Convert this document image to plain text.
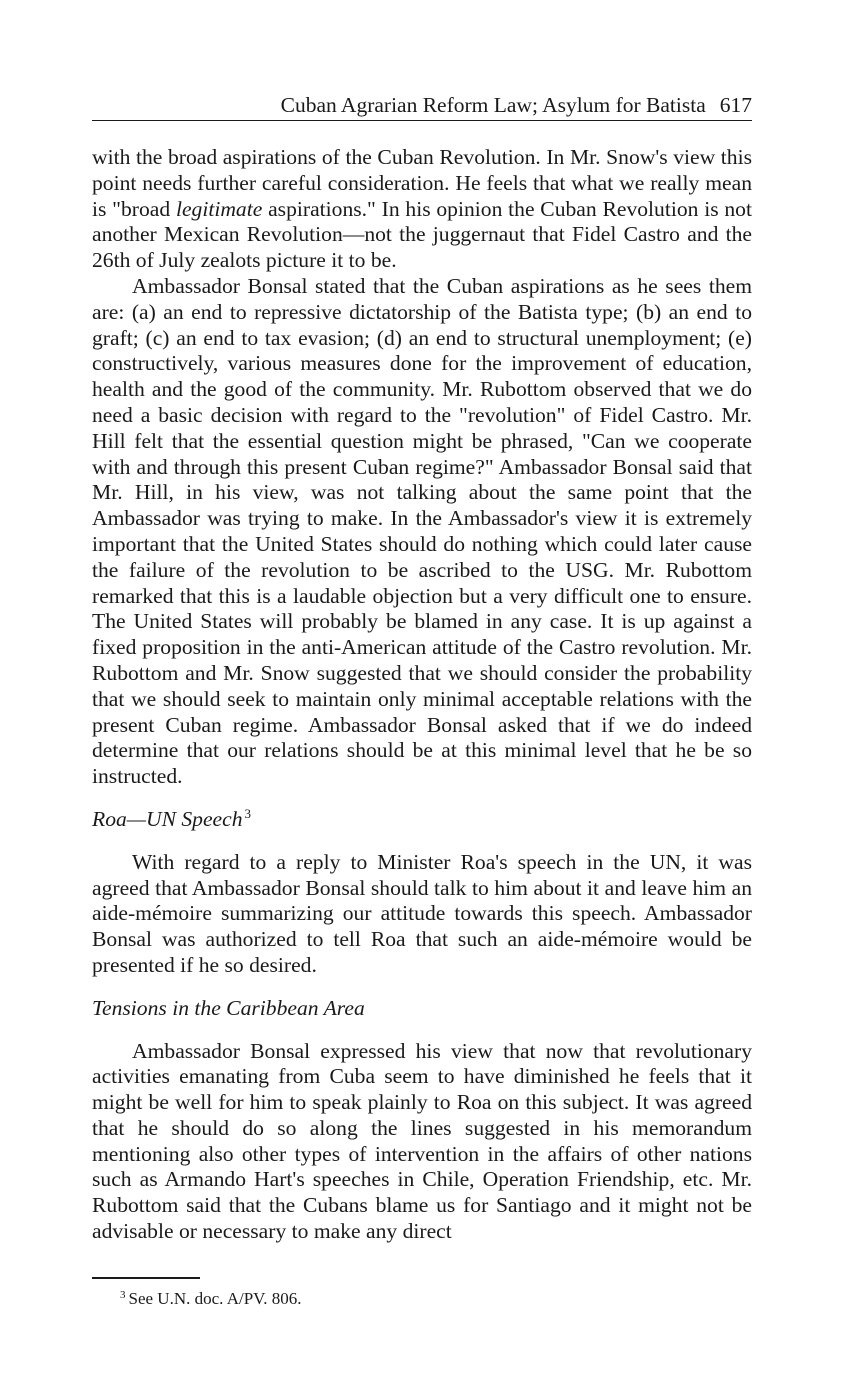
Cuban Agrarian Reform Law; Asylum for Batista 617

with the broad aspirations of the Cuban Revolution. In Mr. Snow's view this point needs further careful consideration. He feels that what we really mean is "broad legitimate aspirations." In his opinion the Cuban Revolution is not another Mexican Revolution—not the juggernaut that Fidel Castro and the 26th of July zealots picture it to be.

Ambassador Bonsal stated that the Cuban aspirations as he sees them are: (a) an end to repressive dictatorship of the Batista type; (b) an end to graft; (c) an end to tax evasion; (d) an end to structural unemployment; (e) constructively, various measures done for the improvement of education, health and the good of the community. Mr. Rubottom observed that we do need a basic decision with regard to the "revolution" of Fidel Castro. Mr. Hill felt that the essential question might be phrased, "Can we cooperate with and through this present Cuban regime?" Ambassador Bonsal said that Mr. Hill, in his view, was not talking about the same point that the Ambassador was trying to make. In the Ambassador's view it is extremely important that the United States should do nothing which could later cause the failure of the revolution to be ascribed to the USG. Mr. Rubottom remarked that this is a laudable objection but a very difficult one to ensure. The United States will probably be blamed in any case. It is up against a fixed proposition in the anti-American attitude of the Castro revolution. Mr. Rubottom and Mr. Snow suggested that we should consider the probability that we should seek to maintain only minimal acceptable relations with the present Cuban regime. Ambassador Bonsal asked that if we do indeed determine that our relations should be at this minimal level that he be so instructed.

Roa—UN Speech $^3$

With regard to a reply to Minister Roa's speech in the UN, it was agreed that Ambassador Bonsal should talk to him about it and leave him an aide-mémoire summarizing our attitude towards this speech. Ambassador Bonsal was authorized to tell Roa that such an aide-mémoire would be presented if he so desired.

Tensions in the Caribbean Area

Ambassador Bonsal expressed his view that now that revolutionary activities emanating from Cuba seem to have diminished he feels that it might be well for him to speak plainly to Roa on this subject. It was agreed that he should do so along the lines suggested in his memorandum mentioning also other types of intervention in the affairs of other nations such as Armando Hart's speeches in Chile, Operation Friendship, etc. Mr. Rubottom said that the Cubans blame us for Santiago and it might not be advisable or necessary to make any direct

$^3$ See U.N. doc. A/PV. 806.
